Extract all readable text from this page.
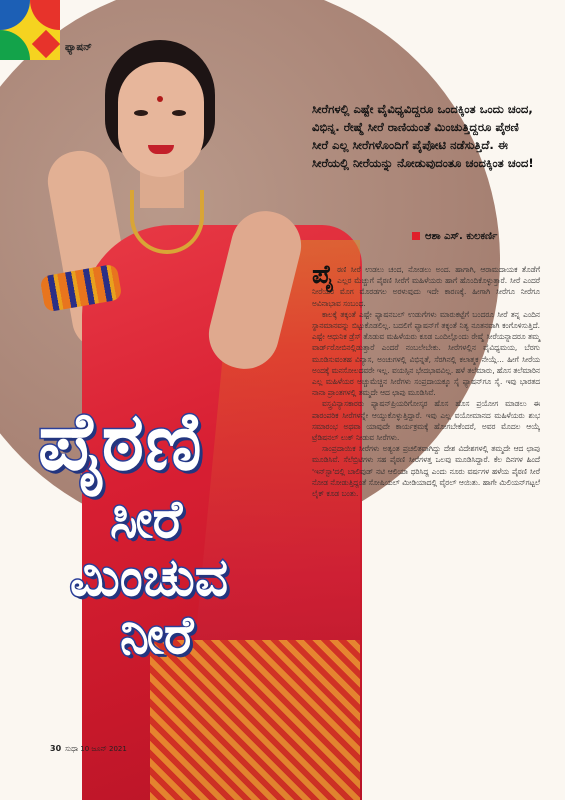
ಫ್ಯಾಷನ್
ಪೈಠಣಿ
ಸೀರೆ
ಮಿಂಚುವ
ನೀರೆ
ಸೀರೆಗಳಲ್ಲಿ ಎಷ್ಟೇ ವೈವಿಧ್ಯವಿದ್ದರೂ ಒಂದಕ್ಕಿಂತ ಒಂದು ಚಂದ, ವಿಭಿನ್ನ. ರೇಷ್ಮೆ ಸೀರೆ ರಾಣಿಯಂತೆ ಮಿಂಚುತ್ತಿದ್ದರೂ ಪೈಠಣಿ ಸೀರೆ ಎಲ್ಲ ಸೀರೆಗಳೊಂದಿಗೆ ಪೈಪೋಟಿ ನಡೆಸುತ್ತಿದೆ. ಈ ಸೀರೆಯಲ್ಲಿ ನೀರೆಯನ್ನು ನೋಡುವುದಂತೂ ಚಂದಕ್ಕಿಂತ ಚಂದ!
ಆಶಾ ಎಸ್. ಕುಲಕರ್ಣಿ

ಪೈಠಣಿ ಸೀರೆ ಉಡಲು ಚಂದ, ನೋಡಲು ಅಂದ. ಹಾಗಾಗಿ, ಆರಾಮದಾಯಕ ತೊಡೆಗೆ ಎಲ್ಲರ ಮೆಚ್ಚುಗೆ ಪೈಠಣಿ ಸೀರೆಗೆ ಮಹಿಳೆಯರು ಹಾಗೆ ಹೊಂದಿಕೊಳ್ಳುತ್ತಾರೆ. ಸೀರೆ ಎಂದರೆ ನೀರೆಯರ ಮೊಗ ಮೊರಡಗಲ ಅರಳುವುದು ಇದೇ ಕಾರಣಕ್ಕೆ. ಹೀಗಾಗಿ ಸೀರೆಗೂ ನೀರೆಗೂ ಅವಿನಾಭಾವ ಸಂಬಂಧ.

ಕಾಲಕ್ಕೆ ತಕ್ಕಂತೆ ಎಷ್ಟೇ ಫ್ಯಾಷನಬಲ್ ಉಡುಗೆಗಳು ಮಾರುಕಟ್ಟೆಗೆ ಬಂದರೂ ಸೀರೆ ತನ್ನ ಎಂದಿನ ಸ್ಥಾನಮಾನವನ್ನು ಬಿಟ್ಟುಕೊಡಲಿಲ್ಲ. ಬದಲಿಗೆ ಫ್ಯಾಷನ್‌ಗೆ ತಕ್ಕಂತೆ ನಿತ್ಯ ನೂತನವಾಗಿ ಕಂಗೊಳಿಸುತ್ತಿದೆ. ಎಷ್ಟೇ ಆಧುನಿಕ ಡ್ರೆಸ್ ತೊಡುವ ಮಹಿಳೆಯರು ಕೂಡ ಒಂದಿಲ್ಲೊಂದು ರೇಷ್ಮೆ ಸೀರೆಯನ್ನಾದರೂ ತಮ್ಮ ವಾರ್ಡ್‌ರೋಬಿನಲ್ಲಿಡುತ್ತಾರೆ ಎಂದರೆ ನಂಬಲೇಬೇಕು. ಸೀರೆಗಳಲ್ಲಿನ ವೈವಿಧ್ಯಮಯ, ಬೆರಗು ಮೂಡಿಸುವಂತಹ ವಿನ್ಯಾಸ, ಅಂಚುಗಳಲ್ಲಿ ವಿಭಿನ್ನತೆ, ಸೆರಗಿನಲ್ಲಿ ಕಲಾತ್ಮಕ ನೇಯ್ಗೆ... ಹೀಗೆ ಸೀರೆಯ ಅಂದಕ್ಕೆ ಮನಸೋಲದವರೇ ಇಲ್ಲ. ವಯಸ್ಸಿನ ಭೇದಭಾವವಿಲ್ಲ. ಹಳೆ ತಲೆಮಾರು, ಹೊಸ ತಲೆಮಾರಿನ ಎಲ್ಲ ಮಹಿಳೆಯರ ಅಚ್ಚುಮೆಚ್ಚಿನ ಸೀರೆಗಳು ಸಂಪ್ರದಾಯಕ್ಕೂ ಸೈ ಫ್ಯಾಷನ್‌ಗೂ ಸೈ. ಇವು ಭಾರತದ ನಾನಾ ಪ್ರಾಂತಗಳಲ್ಲಿ ತಮ್ಮದೇ ಆದ ಛಾಪು ಮೂಡಿಸಿವೆ.

ವಸ್ತ್ರವಿನ್ಯಾಸಕಾರರು ಫ್ಯಾಷನ್‌ಪ್ರಿಯರಿಗೋಸ್ಕರ ಹೊಸ ಹೊಸ ಪ್ರಯೋಗ ಮಾಡಲು ಈ ಪಾರಂಪರಿಕ ಸೀರೆಗಳನ್ನೇ ಆಯ್ದುಕೊಳ್ಳುತ್ತಿದ್ದಾರೆ. ಇವು ಎಲ್ಲ ವಯೋಮಾನದ ಮಹಿಳೆಯರು ಶುಭ ಸಮಾರಂಭ ಅಥವಾ ಯಾವುದೇ ಕಾರ್ಯಕ್ರಮಕ್ಕೆ ಹೋಗಬೇಕೆಂದರೆ, ಅವರ ಮೊದಲ ಆಯ್ಕೆ ಟ್ರೆಡಿಷನಲ್ ಲುಕ್ ನೀಡುವ ಸೀರೆಗಳು.

ಸಾಂಪ್ರದಾಯಿಕ ಸೀರೆಗಳು ಅತ್ಯಂತ ಪ್ರಚಲಿತವಾಗಿದ್ದು ದೇಶ ವಿದೇಶಗಳಲ್ಲಿ ತಮ್ಮದೇ ಆದ ಛಾಪು ಮೂಡಿಸಿವೆ. ಸೆಲೆಬ್ರಿಟಿಗಳು ಸಹ ಪೈಠಣಿ ಸೀರೆಗಳತ್ತ ಒಲವು ಮೂಡಿಸಿದ್ದಾರೆ. ಕೆಲ ದಿನಗಳ ಹಿಂದೆ 'ಇನ್‌ಸ್ಟಾ'ದಲ್ಲಿ ಬಾಲಿವುಡ್ ನಟಿ ಆಲಿಯಾ ಧರಿಸಿದ್ದ ಎಂದು ನೂರು ವರ್ಷಗಳ ಹಳೆಯ ಪೈಠಣಿ ಸೀರೆ ನೋಡ ನೋಡುತ್ತಿದ್ದಂತೆ ಸೋಷಿಯಲ್ ಮೀಡಿಯಾದಲ್ಲಿ ವೈರಲ್ ಆಯಿತು. ಹಾಗೇ ಮಿಲಿಯನ್‌ಗಟ್ಟಲೆ ಲೈಕ್ ಕೂಡ ಬಂತು.

30 ಸುಧಾ 10 ಜೂನ್ 2021
